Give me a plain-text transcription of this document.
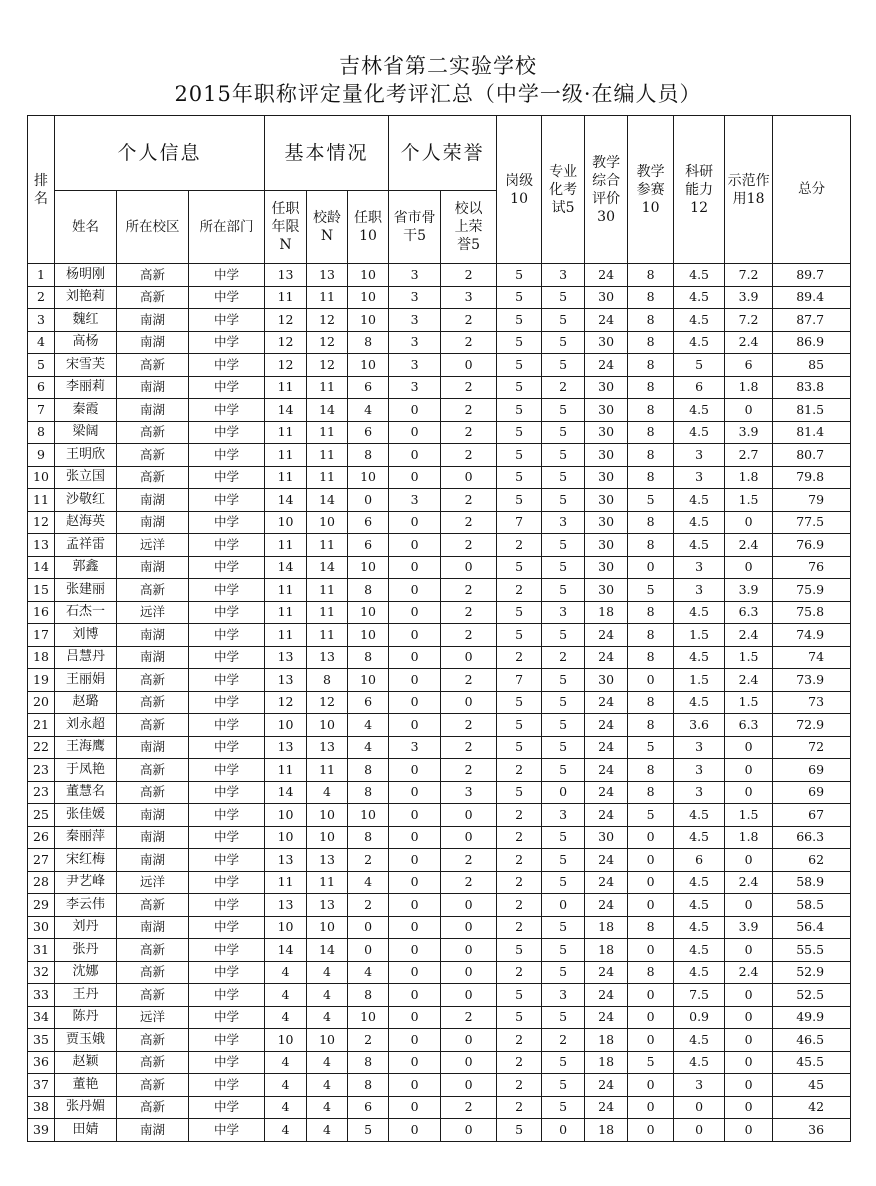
吉林省第二实验学校
2015年职称评定量化考评汇总（中学一级·在编人员）
排名	个人信息			基本情况			个人荣誉		岗级10	专业化考试5	教学综合评价30	教学参赛10	科研能力12	示范作用18	总分
	姓名	所在校区	所在部门	任职年限N	校龄N	任职10	省市骨干5	校以上荣誉5							
1	杨明刚	高新	中学	13	13	10	3	2	5	3	24	8	4.5	7.2	89.7
2	刘艳莉	高新	中学	11	11	10	3	3	5	5	30	8	4.5	3.9	89.4
3	魏红	南湖	中学	12	12	10	3	2	5	5	24	8	4.5	7.2	87.7
4	高杨	南湖	中学	12	12	8	3	2	5	5	30	8	4.5	2.4	86.9
5	宋雪芙	高新	中学	12	12	10	3	0	5	5	24	8	5	6	85
6	李丽莉	南湖	中学	11	11	6	3	2	5	2	30	8	6	1.8	83.8
7	秦霞	南湖	中学	14	14	4	0	2	5	5	30	8	4.5	0	81.5
8	梁阔	高新	中学	11	11	6	0	2	5	5	30	8	4.5	3.9	81.4
9	王明欣	高新	中学	11	11	8	0	2	5	5	30	8	3	2.7	80.7
10	张立国	高新	中学	11	11	10	0	0	5	5	30	8	3	1.8	79.8
11	沙敬红	南湖	中学	14	14	0	3	2	5	5	30	5	4.5	1.5	79
12	赵海英	南湖	中学	10	10	6	0	2	7	3	30	8	4.5	0	77.5
13	孟祥雷	远洋	中学	11	11	6	0	2	2	5	30	8	4.5	2.4	76.9
14	郭鑫	南湖	中学	14	14	10	0	0	5	5	30	0	3	0	76
15	张建丽	高新	中学	11	11	8	0	2	2	5	30	5	3	3.9	75.9
16	石杰一	远洋	中学	11	11	10	0	2	5	3	18	8	4.5	6.3	75.8
17	刘博	南湖	中学	11	11	10	0	2	5	5	24	8	1.5	2.4	74.9
18	吕慧丹	南湖	中学	13	13	8	0	0	2	2	24	8	4.5	1.5	74
19	王丽娟	高新	中学	13	8	10	0	2	7	5	30	0	1.5	2.4	73.9
20	赵璐	高新	中学	12	12	6	0	0	5	5	24	8	4.5	1.5	73
21	刘永超	高新	中学	10	10	4	0	2	5	5	24	8	3.6	6.3	72.9
22	王海鹰	南湖	中学	13	13	4	3	2	5	5	24	5	3	0	72
23	于凤艳	高新	中学	11	11	8	0	2	2	5	24	8	3	0	69
23	董慧名	高新	中学	14	4	8	0	3	5	0	24	8	3	0	69
25	张佳媛	南湖	中学	10	10	10	0	0	2	3	24	5	4.5	1.5	67
26	秦丽萍	南湖	中学	10	10	8	0	0	2	5	30	0	4.5	1.8	66.3
27	宋红梅	南湖	中学	13	13	2	0	2	2	5	24	0	6	0	62
28	尹艺峰	远洋	中学	11	11	4	0	2	2	5	24	0	4.5	2.4	58.9
29	李云伟	高新	中学	13	13	2	0	0	2	0	24	0	4.5	0	58.5
30	刘丹	南湖	中学	10	10	0	0	0	2	5	18	8	4.5	3.9	56.4
31	张丹	高新	中学	14	14	0	0	0	5	5	18	0	4.5	0	55.5
32	沈娜	高新	中学	4	4	4	0	0	2	5	24	8	4.5	2.4	52.9
33	王丹	高新	中学	4	4	8	0	0	5	3	24	0	7.5	0	52.5
34	陈丹	远洋	中学	4	4	10	0	2	5	5	24	0	0.9	0	49.9
35	贾玉娥	高新	中学	10	10	2	0	0	2	2	18	0	4.5	0	46.5
36	赵颖	高新	中学	4	4	8	0	0	2	5	18	5	4.5	0	45.5
37	董艳	高新	中学	4	4	8	0	0	2	5	24	0	3	0	45
38	张丹媚	高新	中学	4	4	6	0	2	2	5	24	0	0	0	42
39	田婧	南湖	中学	4	4	5	0	0	5	0	18	0	0	0	36
